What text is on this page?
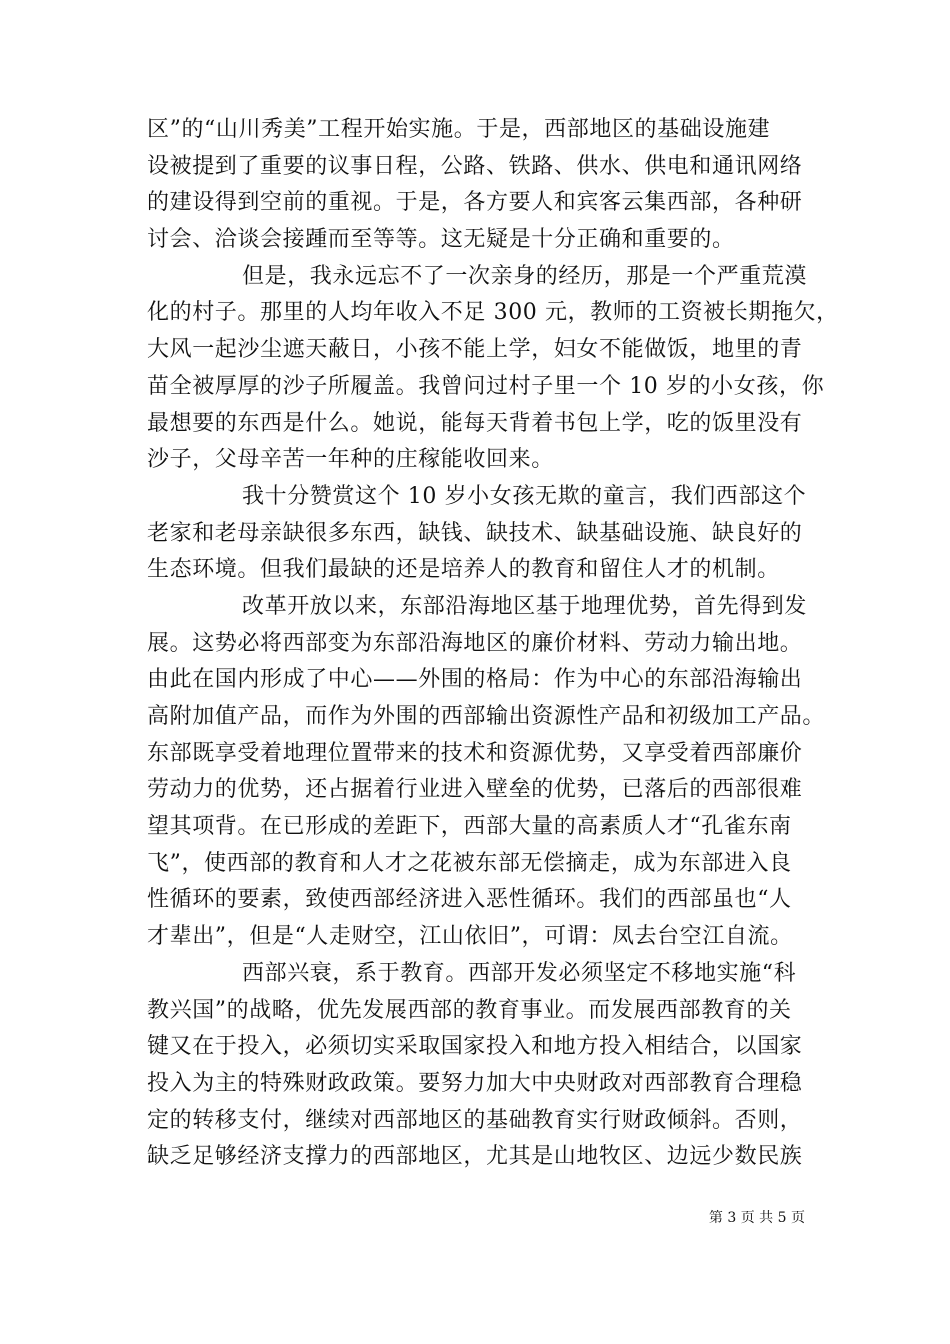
区”的“山川秀美”工程开始实施。于是，西部地区的基础设施建
设被提到了重要的议事日程，公路、铁路、供水、供电和通讯网络
的建设得到空前的重视。于是，各方要人和宾客云集西部，各种研
讨会、洽谈会接踵而至等等。这无疑是十分正确和重要的。
但是，我永远忘不了一次亲身的经历，那是一个严重荒漠
化的村子。那里的人均年收入不足 300 元，教师的工资被长期拖欠，
大风一起沙尘遮天蔽日，小孩不能上学，妇女不能做饭，地里的青
苗全被厚厚的沙子所履盖。我曾问过村子里一个 10 岁的小女孩，你
最想要的东西是什么。她说，能每天背着书包上学，吃的饭里没有
沙子，父母辛苦一年种的庄稼能收回来。
我十分赞赏这个 10 岁小女孩无欺的童言，我们西部这个
老家和老母亲缺很多东西，缺钱、缺技术、缺基础设施、缺良好的
生态环境。但我们最缺的还是培养人的教育和留住人才的机制。
改革开放以来，东部沿海地区基于地理优势，首先得到发
展。这势必将西部变为东部沿海地区的廉价材料、劳动力输出地。
由此在国内形成了中心——外围的格局：作为中心的东部沿海输出
高附加值产品，而作为外围的西部输出资源性产品和初级加工产品。
东部既享受着地理位置带来的技术和资源优势，又享受着西部廉价
劳动力的优势，还占据着行业进入壁垒的优势，已落后的西部很难
望其项背。在已形成的差距下，西部大量的高素质人才“孔雀东南
飞”，使西部的教育和人才之花被东部无偿摘走，成为东部进入良
性循环的要素，致使西部经济进入恶性循环。我们的西部虽也“人
才辈出”，但是“人走财空，江山依旧”，可谓：凤去台空江自流。
西部兴衰，系于教育。西部开发必须坚定不移地实施“科
教兴国”的战略，优先发展西部的教育事业。而发展西部教育的关
键又在于投入，必须切实采取国家投入和地方投入相结合，以国家
投入为主的特殊财政政策。要努力加大中央财政对西部教育合理稳
定的转移支付，继续对西部地区的基础教育实行财政倾斜。否则，
缺乏足够经济支撑力的西部地区，尤其是山地牧区、边远少数民族
第 3 页 共 5 页
